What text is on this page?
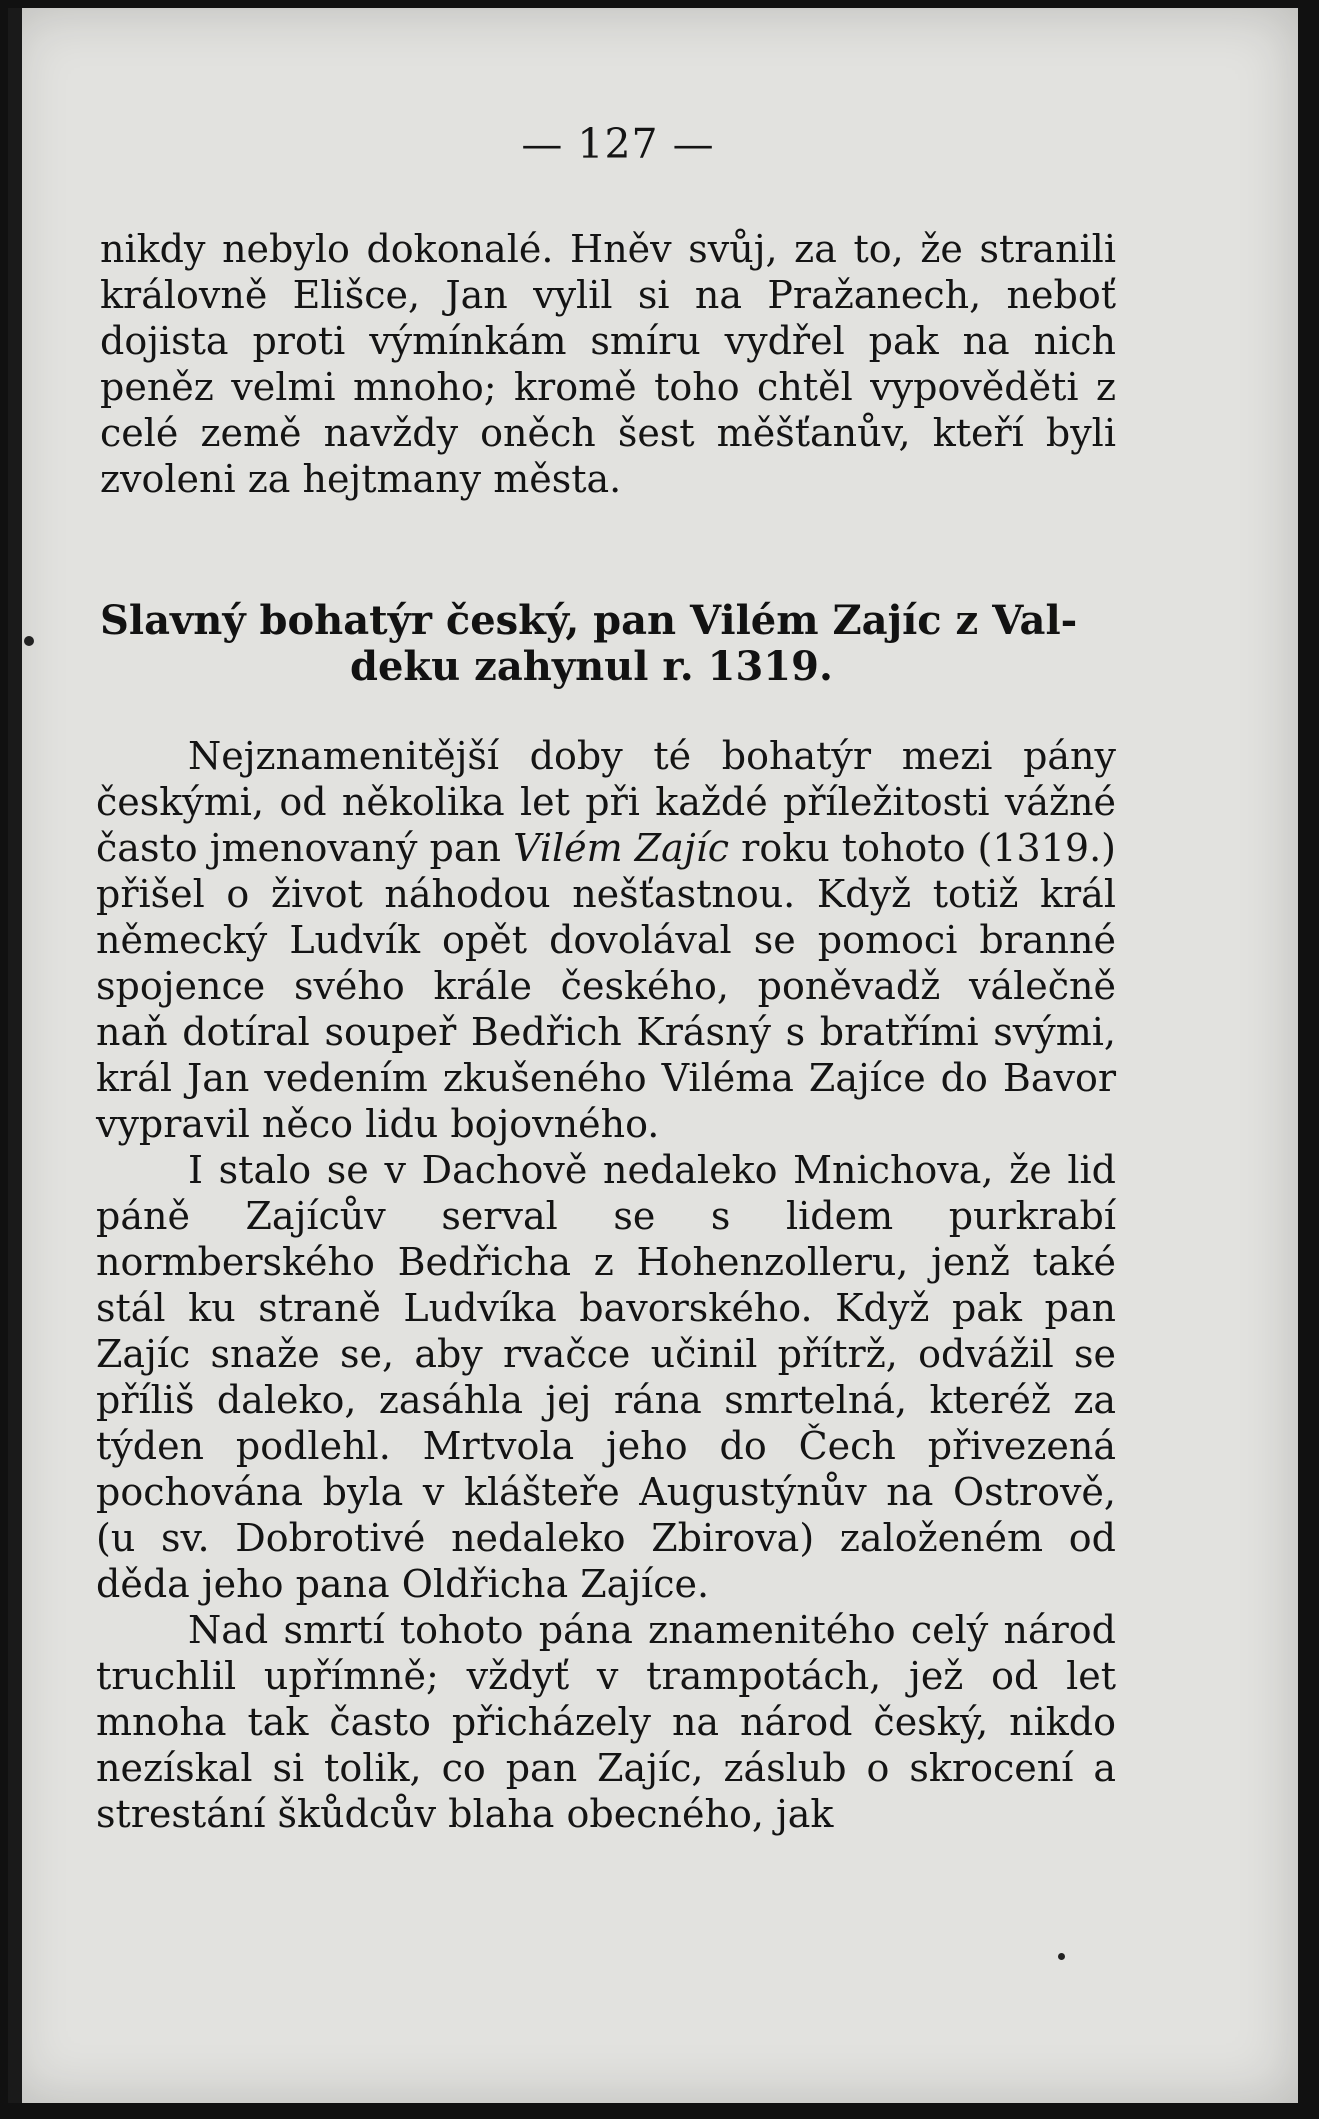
— 127 —

nikdy nebylo dokonalé. Hněv svůj, za to, že stranili královně Elišce, Jan vylil si na Pražanech, neboť dojista proti výmínkám smíru vydřel pak na nich peněz velmi mnoho; kromě toho chtěl vypověděti z celé země navždy oněch šest měšťanův, kteří byli zvoleni za hejtmany města.

Slavný bohatýr český, pan Vilém Zajíc z Val-
deku zahynul r. 1319.

Nejznamenitější doby té bohatýr mezi pány českými, od několika let při každé příležitosti vážné často jmenovaný pan Vilém Zajíc roku tohoto (1319.) přišel o život náhodou nešťastnou. Když totiž král německý Ludvík opět dovolával se pomoci branné spojence svého krále českého, poněvadž válečně naň dotíral soupeř Bedřich Krásný s bratřími svými, král Jan vedením zkušeného Viléma Zajíce do Bavor vypravil něco lidu bojovného.

I stalo se v Dachově nedaleko Mnichova, že lid páně Zajícův serval se s lidem purkrabí normberského Bedřicha z Hohenzolleru, jenž také stál ku straně Ludvíka bavorského. Když pak pan Zajíc snaže se, aby rvačce učinil přítrž, odvážil se příliš daleko, zasáhla jej rána smrtelná, kteréž za týden podlehl. Mrtvola jeho do Čech přivezená pochována byla v klášteře Augustýnův na Ostrově, (u sv. Dobrotivé nedaleko Zbirova) založeném od děda jeho pana Oldřicha Zajíce.

Nad smrtí tohoto pána znamenitého celý národ truchlil upřímně; vždyť v trampotách, jež od let mnoha tak často přicházely na národ český, nikdo nezískal si tolik, co pan Zajíc, záslub o skrocení a strestání škůdcův blaha obecného, jak
